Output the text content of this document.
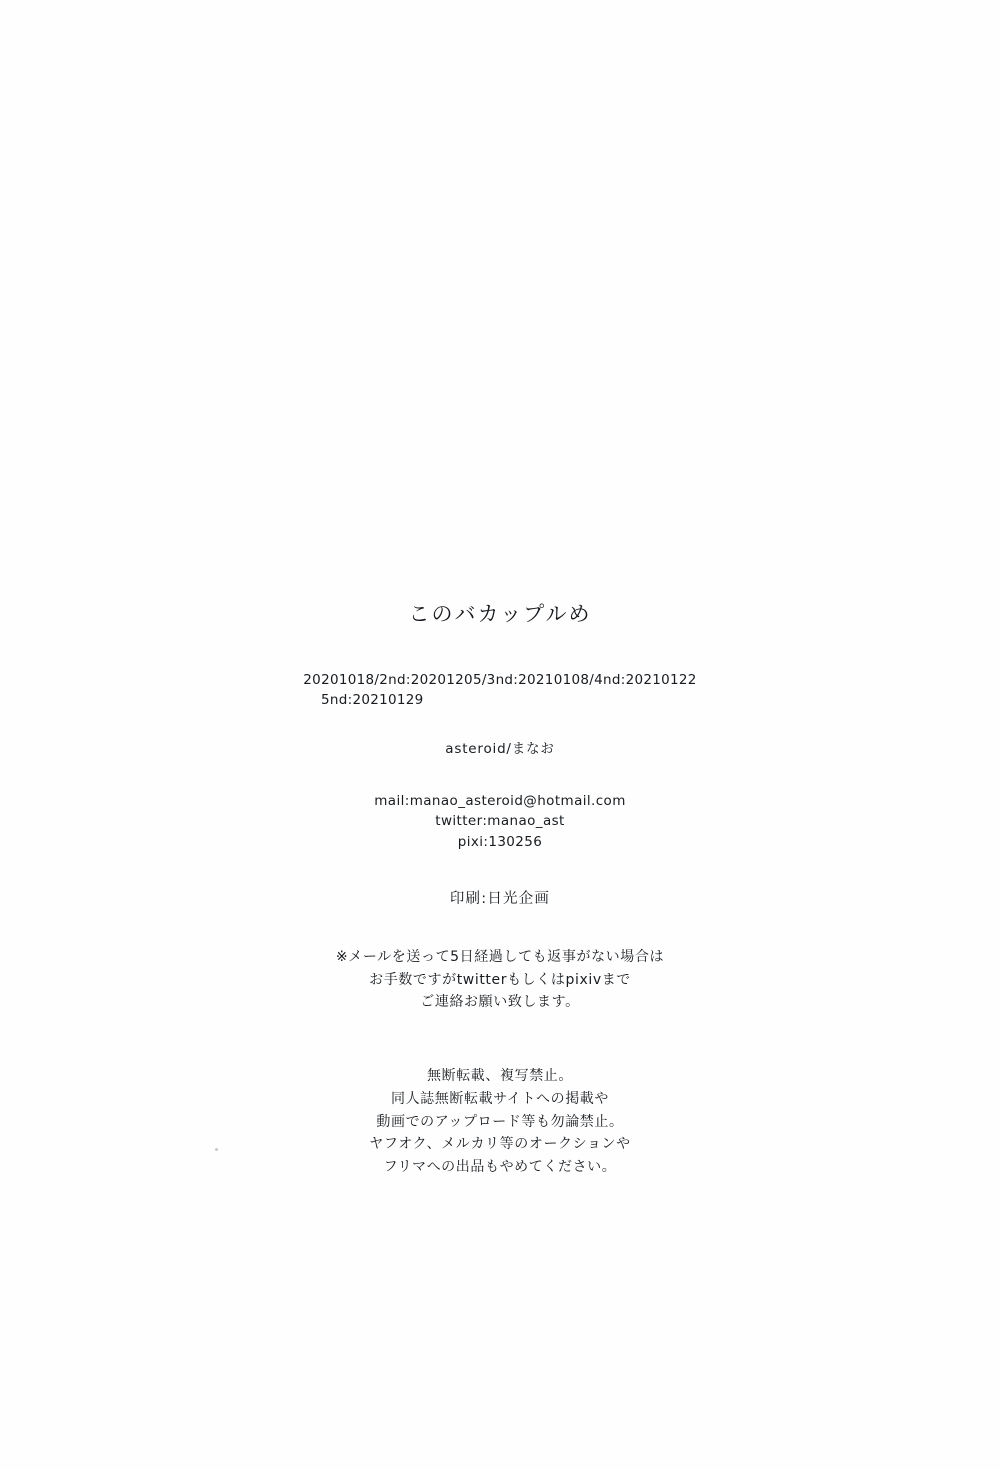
このバカップルめ
20201018/2nd:20201205/3nd:20210108/4nd:20210122
5nd:20210129
asteroid/まなお
mail:manao_asteroid@hotmail.com
twitter:manao_ast
pixi:130256
印刷:日光企画
※メールを送って5日経過しても返事がない場合は
お手数ですがtwitterもしくはpixivまで
ご連絡お願い致します。
無断転載、複写禁止。
同人誌無断転載サイトへの掲載や
動画でのアップロード等も勿論禁止。
ヤフオク、メルカリ等のオークションや
フリマへの出品もやめてください。
